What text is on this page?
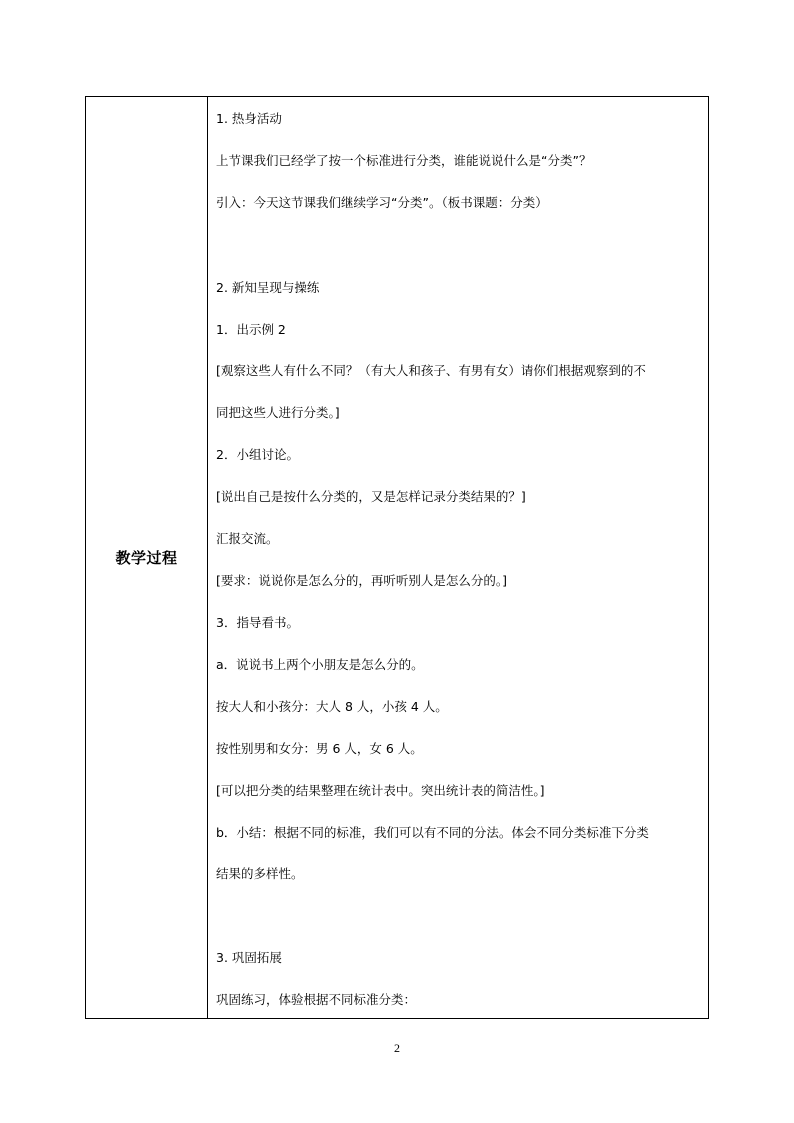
教学过程
1. 热身活动
上节课我们已经学了按一个标准进行分类，谁能说说什么是“分类”？
引入：今天这节课我们继续学习“分类”。（板书课题：分类）
2. 新知呈现与操练
1．出示例 2
[观察这些人有什么不同？（有大人和孩子、有男有女）请你们根据观察到的不
同把这些人进行分类。]
2．小组讨论。
[说出自己是按什么分类的，又是怎样记录分类结果的？]
汇报交流。
[要求：说说你是怎么分的，再听听别人是怎么分的。]
3．指导看书。
a．说说书上两个小朋友是怎么分的。
按大人和小孩分：大人 8 人，小孩 4 人。
按性别男和女分：男 6 人，女 6 人。
[可以把分类的结果整理在统计表中。突出统计表的简洁性。]
b．小结：根据不同的标准，我们可以有不同的分法。体会不同分类标准下分类
结果的多样性。
3. 巩固拓展
巩固练习，体验根据不同标准分类：
2
